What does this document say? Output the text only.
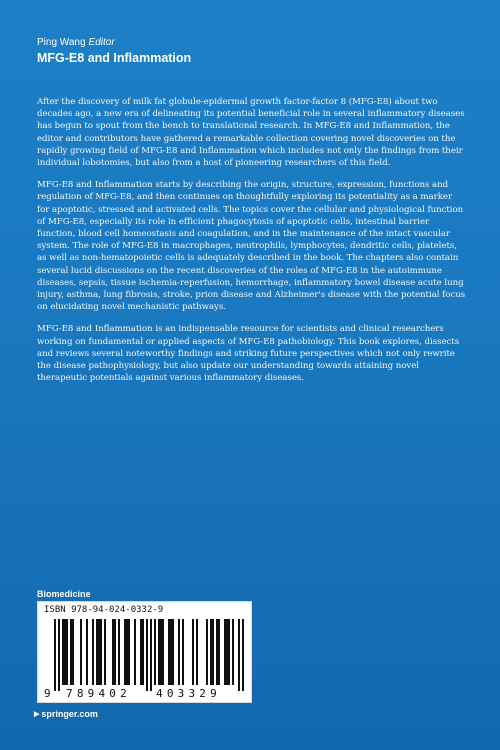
Ping Wang Editor
MFG-E8 and Inflammation

After the discovery of milk fat globule-epidermal growth factor-factor 8 (MFG-E8) about two decades ago, a new era of delineating its potential beneficial role in several inflammatory diseases has begun to spout from the bench to translational research. In MFG-E8 and Inflammation, the editor and contributors have gathered a remarkable collection covering novel discoveries on the rapidly growing field of MFG-E8 and Inflammation which includes not only the findings from their individual lobotomies, but also from a host of pioneering researchers of this field.

MFG-E8 and Inflammation starts by describing the origin, structure, expression, functions and regulation of MFG-E8, and then continues on thoughtfully exploring its potentiality as a marker for apoptotic, stressed and activated cells. The topics cover the cellular and physiological function of MFG-E8, especially its role in efficient phagocytosis of apoptotic cells, intestinal barrier function, blood cell homeostasis and coagulation, and in the maintenance of the intact vascular system. The role of MFG-E8 in macrophages, neutrophils, lymphocytes, dendritic cells, platelets, as well as non-hematopoietic cells is adequately described in the book. The chapters also contain several lucid discussions on the recent discoveries of the roles of MFG-E8 in the autoimmune diseases, sepsis, tissue ischemia-reperfusion, hemorrhage, inflammatory bowel disease acute lung injury, asthma, lung fibrosis, stroke, prion disease and Alzheimer's disease with the potential focus on elucidating novel mechanistic pathways.

MFG-E8 and Inflammation is an indispensable resource for scientists and clinical researchers working on fundamental or applied aspects of MFG-E8 pathobiology. This book explores, dissects and reviews several noteworthy findings and striking future perspectives which not only rewrite the disease pathophysiology, but also update our understanding towards attaining novel therapeutic potentials against various inflammatory diseases.

Biomedicine
ISBN 978-94-024-0332-9
9 789402 403329
▶ springer.com
